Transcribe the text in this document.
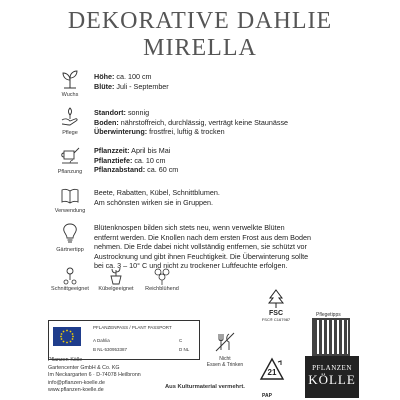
DEKORATIVE DAHLIE
MIRELLA
Wuchs
Höhe: ca. 100 cm
Blüte: Juli - September
Pflege
Standort: sonnig
Boden: nährstoffreich, durchlässig, verträgt keine Staunässe
Überwinterung: frostfrei, luftig & trocken
Pflanzung
Pflanzzeit: April bis Mai
Pflanztiefe: ca. 10 cm
Pflanzabstand: ca. 60 cm
Verwendung
Beete, Rabatten, Kübel, Schnittblumen.
Am schönsten wirken sie in Gruppen.
Gärtnertipp
Blütenknospen bilden sich stets neu, wenn verwelkte Blüten
entfernt werden. Die Knollen nach dem ersten Frost aus dem Boden
nehmen. Die Erde dabei nicht vollständig entfernen, sie schützt vor
Austrocknung und gibt ihnen Feuchtigkeit. Die Überwinterung sollte
bei ca. 3 – 10° C und nicht zu trockener Luftfeuchte erfolgen.
Schnittgeeignet	Kübelgeeignet	Reichblühend
PFLANZENPASS / PLANT PASSPORT
A Dahlia
B NL-530953387
C
D NL
Nicht
Essen & Trinken
21
PAP
FSC
FSC® C167987
Pflegetipps
Pflanzen-Kölle
Gartencenter GmbH & Co. KG
Im Neckargarten 6 · D-74078 Heilbronn
info@pflanzen-koelle.de
www.pflanzen-koelle.de
Aus Kulturmaterial vermehrt.
PFLANZEN
KÖLLE
